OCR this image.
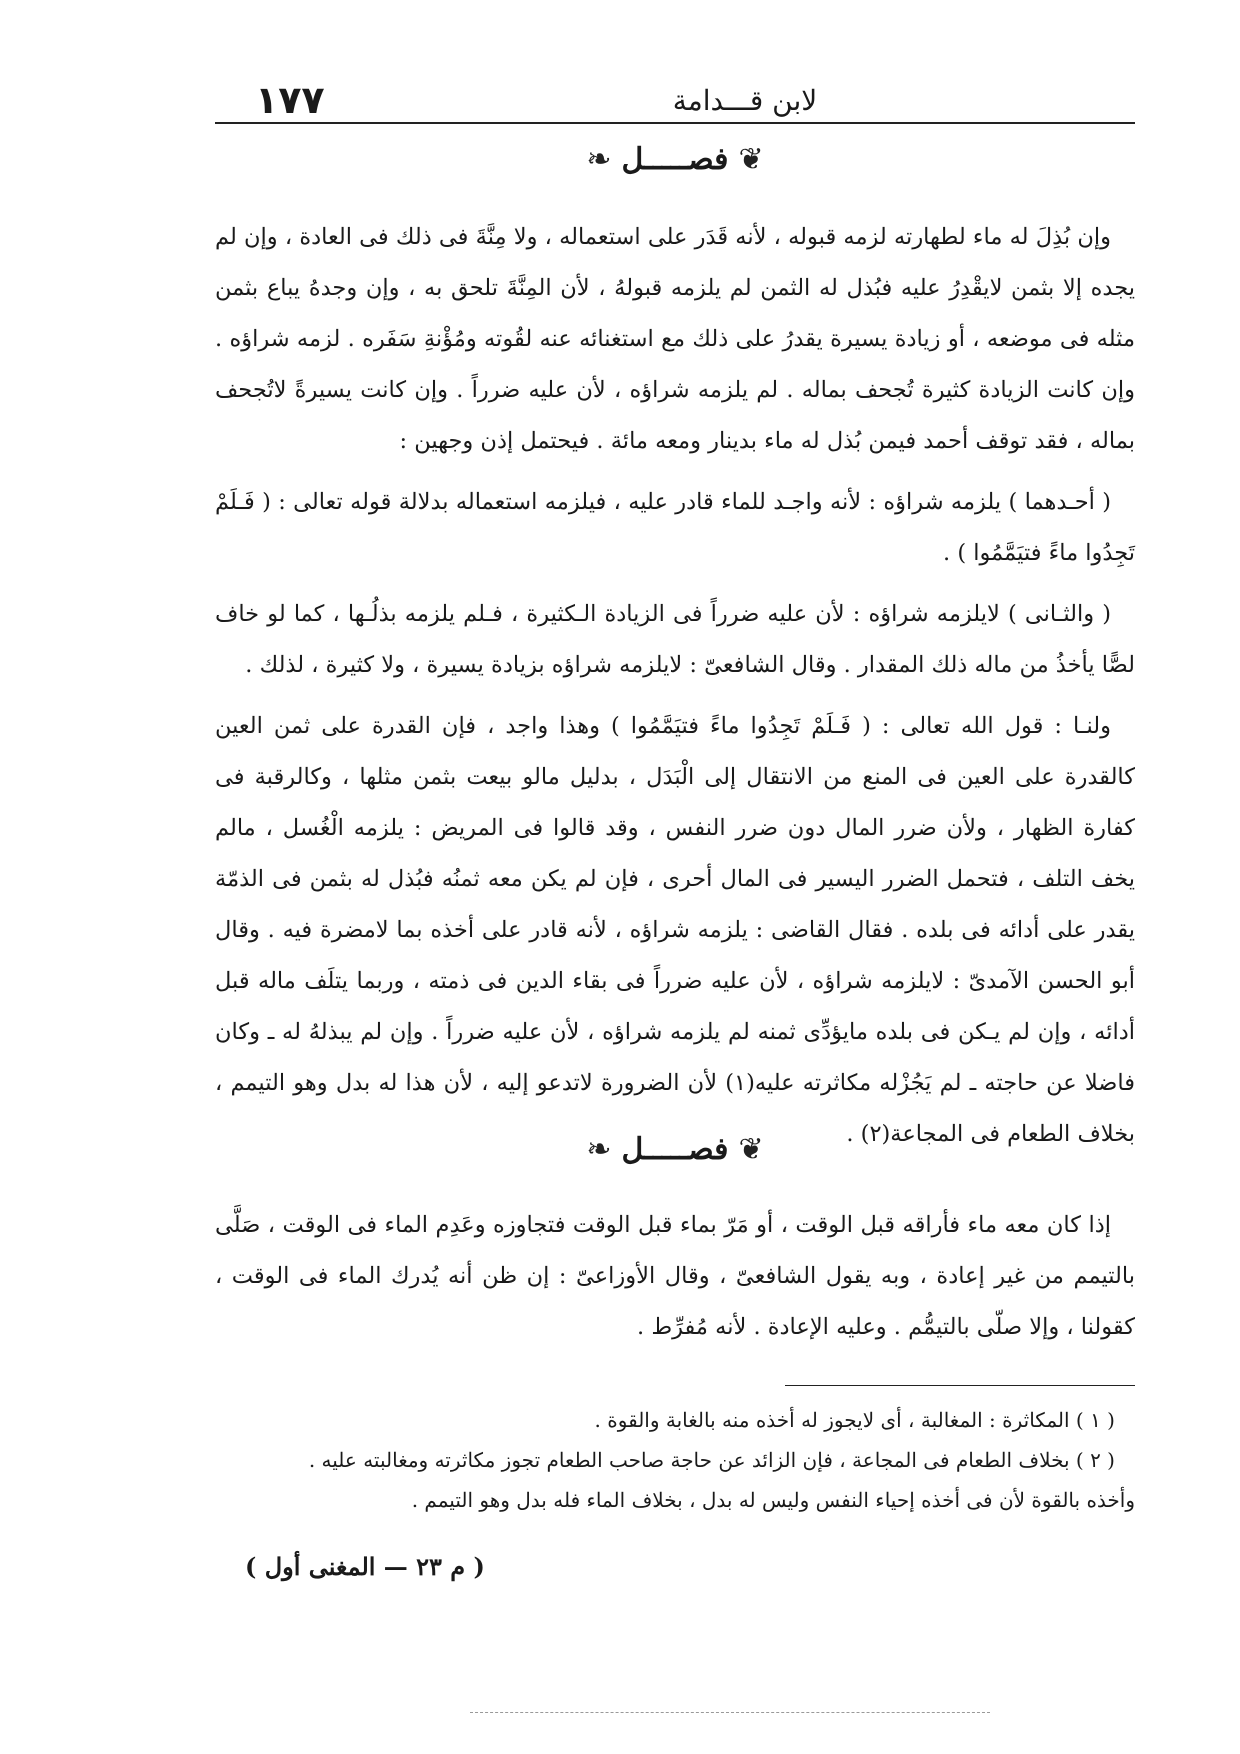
١٧٧	لابن قـــدامة
❦فصـــــل❧

وإن بُذِلَ له ماء لطهارته لزمه قبوله ، لأنه قَدَر على استعماله ، ولا مِنَّةَ فى ذلك فى العادة ، وإن لم يجده إلا بثمن لايقْدِرُ عليه فبُذل له الثمن لم يلزمه قبولهُ ، لأن المِنَّةَ تلحق به ، وإن وجدهُ يباع بثمن مثله فى موضعه ، أو زيادة يسيرة يقدرُ على ذلك مع استغنائه عنه لقُوته ومُؤْنةِ سَفَره . لزمه شراؤه . وإن كانت الزيادة كثيرة تُجحف بماله . لم يلزمه شراؤه ، لأن عليه ضرراً . وإن كانت يسيرةً لاتُجحف بماله ، فقد توقف أحمد فيمن بُذل له ماء بدينار ومعه مائة . فيحتمل إذن وجهين :

( أحـدهما ) يلزمه شراؤه : لأنه واجـد للماء قادر عليه ، فيلزمه استعماله بدلالة قوله تعالى : ( فَـلَمْ تَجِدُوا ماءً فتيَمَّمُوا ) .

( والثـانى ) لايلزمه شراؤه : لأن عليه ضرراً فى الزيادة الـكثيرة ، فـلم يلزمه بذلُـها ، كما لو خاف لصًّا يأخذُ من ماله ذلك المقدار . وقال الشافعىّ : لايلزمه شراؤه بزيادة يسيرة ، ولا كثيرة ، لذلك .

ولنـا : قول الله تعالى : ( فَـلَمْ تَجِدُوا ماءً فتيَمَّمُوا ) وهذا واجد ، فإن القدرة على ثمن العين كالقدرة على العين فى المنع من الانتقال إلى الْبَدَل ، بدليل مالو بيعت بثمن مثلها ، وكالرقبة فى كفارة الظهار ، ولأن ضرر المال دون ضرر النفس ، وقد قالوا فى المريض : يلزمه الْغُسل ، مالم يخف التلف ، فتحمل الضرر اليسير فى المال أحرى ، فإن لم يكن معه ثمنُه فبُذل له بثمن فى الذمّة يقدر على أدائه فى بلده . فقال القاضى : يلزمه شراؤه ، لأنه قادر على أخذه بما لامضرة فيه . وقال أبو الحسن الآمدىّ : لايلزمه شراؤه ، لأن عليه ضرراً فى بقاء الدين فى ذمته ، وربما يتلَف ماله قبل أدائه ، وإن لم يـكن فى بلده مايؤدِّى ثمنه لم يلزمه شراؤه ، لأن عليه ضرراً . وإن لم يبذلهُ له ـ وكان فاضلا عن حاجته ـ لم يَجُزْله مكاثرته عليه(١) لأن الضرورة لاتدعو إليه ، لأن هذا له بدل وهو التيمم ، بخلاف الطعام فى المجاعة(٢) .

❦فصـــــل❧

إذا كان معه ماء فأراقه قبل الوقت ، أو مَرّ بماء قبل الوقت فتجاوزه وعَدِم الماء فى الوقت ، صَلَّى بالتيمم من غير إعادة ، وبه يقول الشافعىّ ، وقال الأوزاعىّ : إن ظن أنه يُدرك الماء فى الوقت ، كقولنا ، وإلا صلّى بالتيمُّم . وعليه الإعادة . لأنه مُفرِّط .

( ١ ) المكاثرة : المغالبة ، أى لايجوز له أخذه منه بالغابة والقوة .

( ٢ ) بخلاف الطعام فى المجاعة ، فإن الزائد عن حاجة صاحب الطعام تجوز مكاثرته ومغالبته عليه .

وأخذه بالقوة لأن فى أخذه إحياء النفس وليس له بدل ، بخلاف الماء فله بدل وهو التيمم .

( م ٢٣ — المغنى أول )
